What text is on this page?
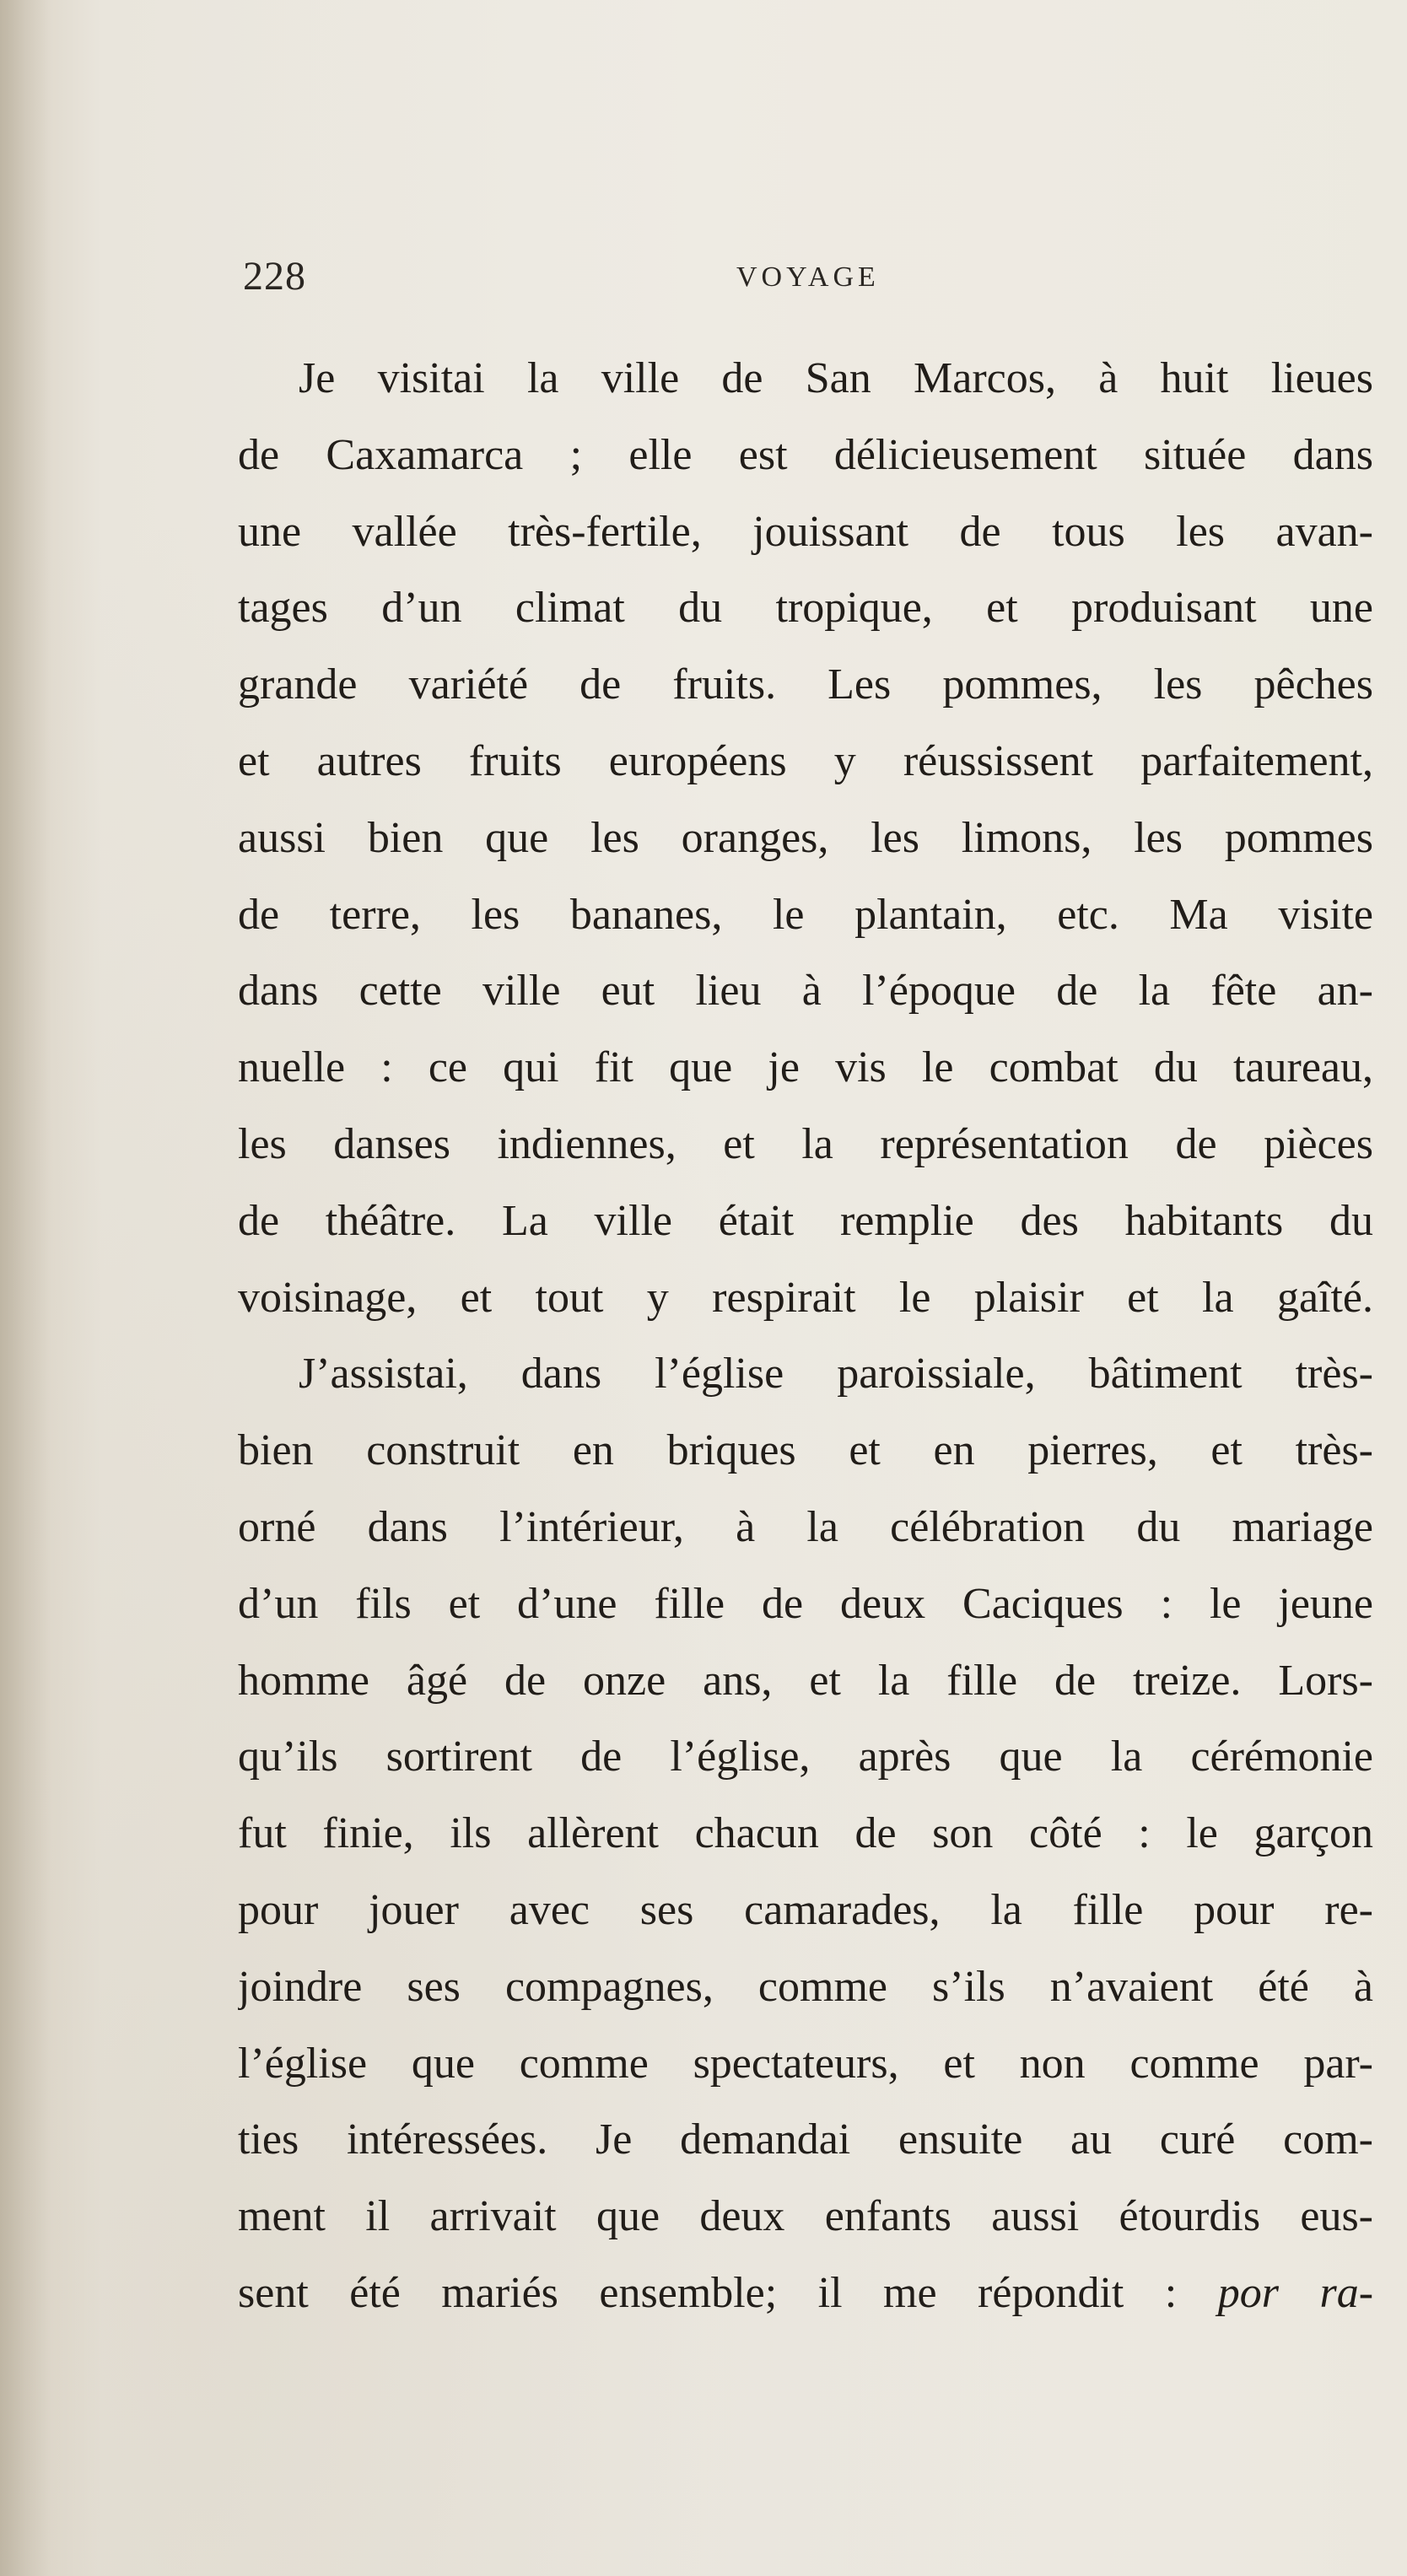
228	VOYAGE
Je visitai la ville de San Marcos, à huit lieues
de Caxamarca ; elle est délicieusement située dans
une vallée très-fertile, jouissant de tous les avan-
tages d’un climat du tropique, et produisant une
grande variété de fruits. Les pommes, les pêches
et autres fruits européens y réussissent parfaitement,
aussi bien que les oranges, les limons, les pommes
de terre, les bananes, le plantain, etc. Ma visite
dans cette ville eut lieu à l’époque de la fête an-
nuelle : ce qui fit que je vis le combat du taureau,
les danses indiennes, et la représentation de pièces
de théâtre. La ville était remplie des habitants du
voisinage, et tout y respirait le plaisir et la gaîté.
J’assistai, dans l’église paroissiale, bâtiment très-
bien construit en briques et en pierres, et très-
orné dans l’intérieur, à la célébration du mariage
d’un fils et d’une fille de deux Caciques : le jeune
homme âgé de onze ans, et la fille de treize. Lors-
qu’ils sortirent de l’église, après que la cérémonie
fut finie, ils allèrent chacun de son côté : le garçon
pour jouer avec ses camarades, la fille pour re-
joindre ses compagnes, comme s’ils n’avaient été à
l’église que comme spectateurs, et non comme par-
ties intéressées. Je demandai ensuite au curé com-
ment il arrivait que deux enfants aussi étourdis eus-
sent été mariés ensemble; il me répondit : por ra-
